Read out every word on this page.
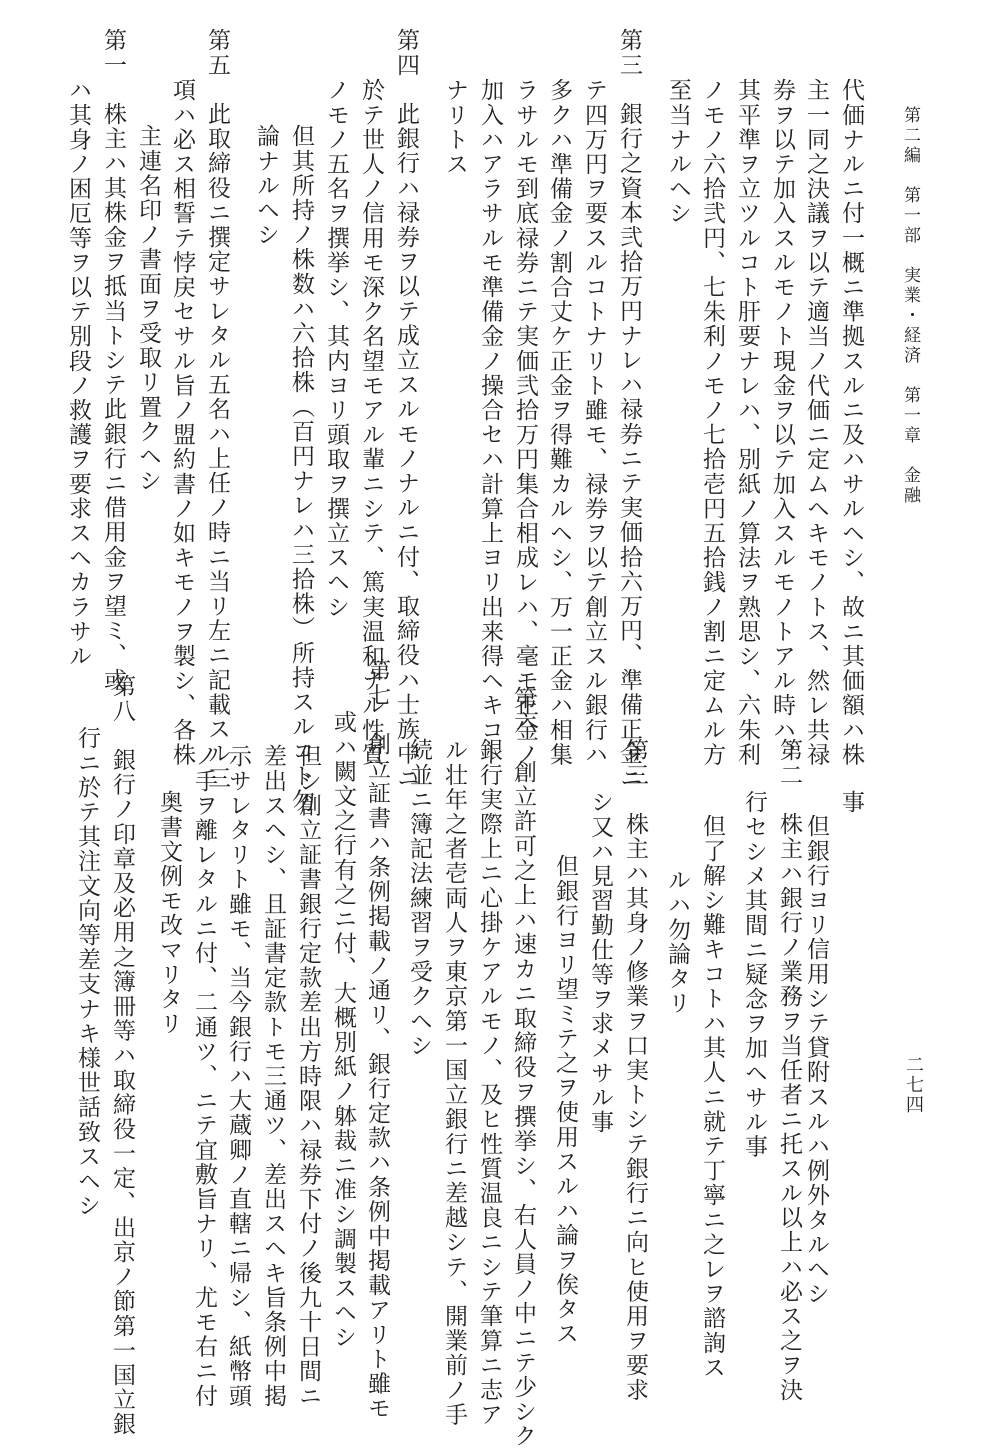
第二編　第一部　実業・経済　第一章　金融
二七四
代価ナルニ付一概ニ準拠スルニ及ハサルヘシ、故ニ其価額ハ株
主一同之決議ヲ以テ適当ノ代価ニ定ムヘキモノトス、然レ共禄
券ヲ以テ加入スルモノト現金ヲ以テ加入スルモノトアル時ハ、
其平準ヲ立ツルコト肝要ナレハ、別紙ノ算法ヲ熟思シ、六朱利
ノモノ六拾弐円、七朱利ノモノ七拾壱円五拾銭ノ割ニ定ムル方
至当ナルヘシ
第三　銀行之資本弐拾万円ナレハ禄券ニテ実価拾六万円、準備正金ニ
テ四万円ヲ要スルコトナリト雖モ、禄券ヲ以テ創立スル銀行ハ
多クハ準備金ノ割合丈ケ正金ヲ得難カルヘシ、万一正金ハ相集
ラサルモ到底禄券ニテ実価弐拾万円集合相成レハ、毫モ正金ノ
加入ハアラサルモ準備金ノ操合セハ計算上ヨリ出来得ヘキコト
ナリトス
第四　此銀行ハ禄券ヲ以テ成立スルモノナルニ付、取締役ハ士族中ニ
於テ世人ノ信用モ深ク名望モアル輩ニシテ、篤実温和ナル性質
ノモノ五名ヲ撰挙シ、其内ヨリ頭取ヲ撰立スヘシ
但其所持ノ株数ハ六拾株（百円ナレハ三拾株）所持スルコト勿
論ナルヘシ
第五　此取締役ニ撰定サレタル五名ハ上任ノ時ニ当リ左ニ記載スル三
項ハ必ス相誓テ悖戻セサル旨ノ盟約書ノ如キモノヲ製シ、各株
主連名印ノ書面ヲ受取リ置クヘシ
第一　株主ハ其株金ヲ抵当トシテ此銀行ニ借用金ヲ望ミ、或
ハ其身ノ困厄等ヲ以テ別段ノ救護ヲ要求スヘカラサル
事
但銀行ヨリ信用シテ貸附スルハ例外タルヘシ
第二　株主ハ銀行ノ業務ヲ当任者ニ托スル以上ハ必ス之ヲ決
行セシメ其間ニ疑念ヲ加ヘサル事
但了解シ難キコトハ其人ニ就テ丁寧ニ之レヲ諮詢ス
ルハ勿論タリ
第三　株主ハ其身ノ修業ヲ口実トシテ銀行ニ向ヒ使用ヲ要求
シ又ハ見習勤仕等ヲ求メサル事
但銀行ヨリ望ミテ之ヲ使用スルハ論ヲ俟タス
第六　創立許可之上ハ速カニ取締役ヲ撰挙シ、右人員ノ中ニテ少シク
銀行実際上ニ心掛ケアルモノ、及ヒ性質温良ニシテ筆算ニ志ア
ル壮年之者壱両人ヲ東京第一国立銀行ニ差越シテ、開業前ノ手
続並ニ簿記法練習ヲ受クヘシ
第七　創立証書ハ条例掲載ノ通リ、銀行定款ハ条例中掲載アリト雖モ
或ハ闕文之行有之ニ付、大概別紙ノ躰裁ニ准シ調製スヘシ
但シ創立証書銀行定款差出方時限ハ禄券下付ノ後九十日間ニ
差出スヘシ、且証書定款トモ三通ツ、差出スヘキ旨条例中掲
示サレタリト雖モ、当今銀行ハ大蔵卿ノ直轄ニ帰シ、紙幣頭
ノ手ヲ離レタルニ付、二通ツ、ニテ宜敷旨ナリ、尤モ右ニ付
奥書文例モ改マリタリ
第八　銀行ノ印章及必用之簿冊等ハ取締役一定、出京ノ節第一国立銀
行ニ於テ其注文向等差支ナキ様世話致スヘシ
